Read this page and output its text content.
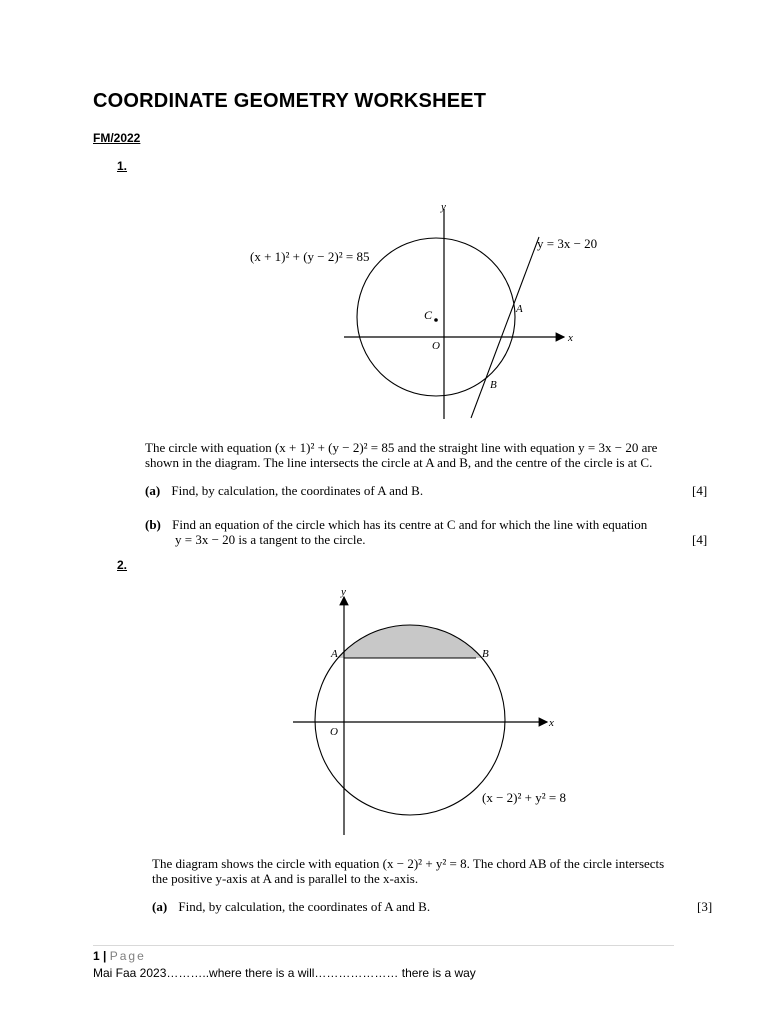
COORDINATE GEOMETRY WORKSHEET
FM/2022
1.
y
x
O
C	A
B
(x + 1)² + (y − 2)² = 85
y = 3x − 20
The circle with equation (x + 1)² + (y − 2)² = 85 and the straight line with equation y = 3x − 20 are
shown in the diagram. The line intersects the circle at A and B, and the centre of the circle is at C.
(a) Find, by calculation, the coordinates of A and B.	[4]
(b) Find an equation of the circle which has its centre at C and for which the line with equation
y = 3x − 20 is a tangent to the circle.	[4]
2.
y
x
O
A	B
(x − 2)² + y² = 8
The diagram shows the circle with equation (x − 2)² + y² = 8. The chord AB of the circle intersects
the positive y-axis at A and is parallel to the x-axis.
(a) Find, by calculation, the coordinates of A and B.	[3]
1 | Page
Mai Faa 2023………..where there is a will………………… there is a way
